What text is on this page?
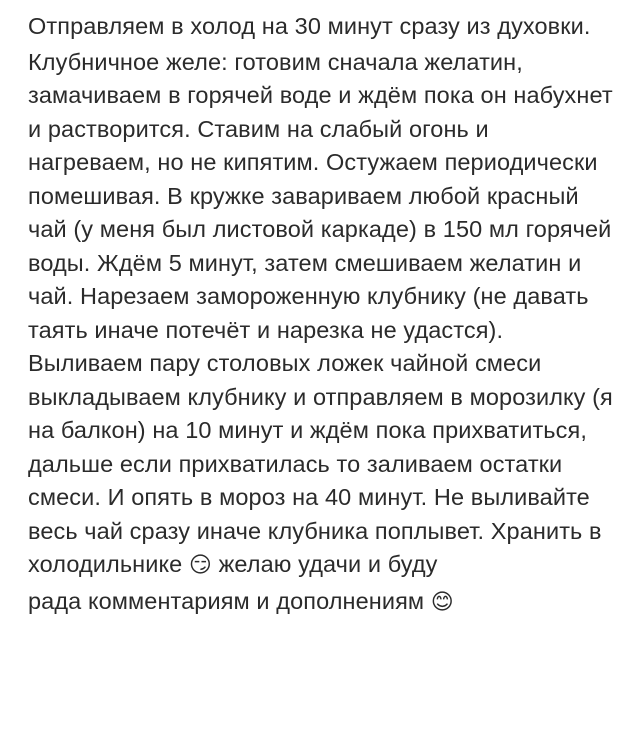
Отправляем в холод на 30 минут сразу из духовки.

Клубничное желе: готовим сначала желатин, замачиваем в горячей воде и ждём пока он набухнет и растворится. Ставим на слабый огонь и нагреваем, но не кипятим. Остужаем периодически помешивая. В кружке завариваем любой красный чай (у меня был листовой каркаде) в 150 мл горячей воды. Ждём 5 минут, затем смешиваем желатин и чай. Нарезаем замороженную клубнику (не давать таять иначе потечёт и нарезка не удастся). Выливаем пару столовых ложек чайной смеси выкладываем клубнику и отправляем в морозилку (я на балкон) на 10 минут и ждём пока прихватиться, дальше если прихватилась то заливаем остатки смеси. И опять в мороз на 40 минут. Не выливайте весь чай сразу иначе клубника поплывет. Хранить в холодильнике 😏 желаю удачи и буду

рада комментариям и дополнениям 😊
